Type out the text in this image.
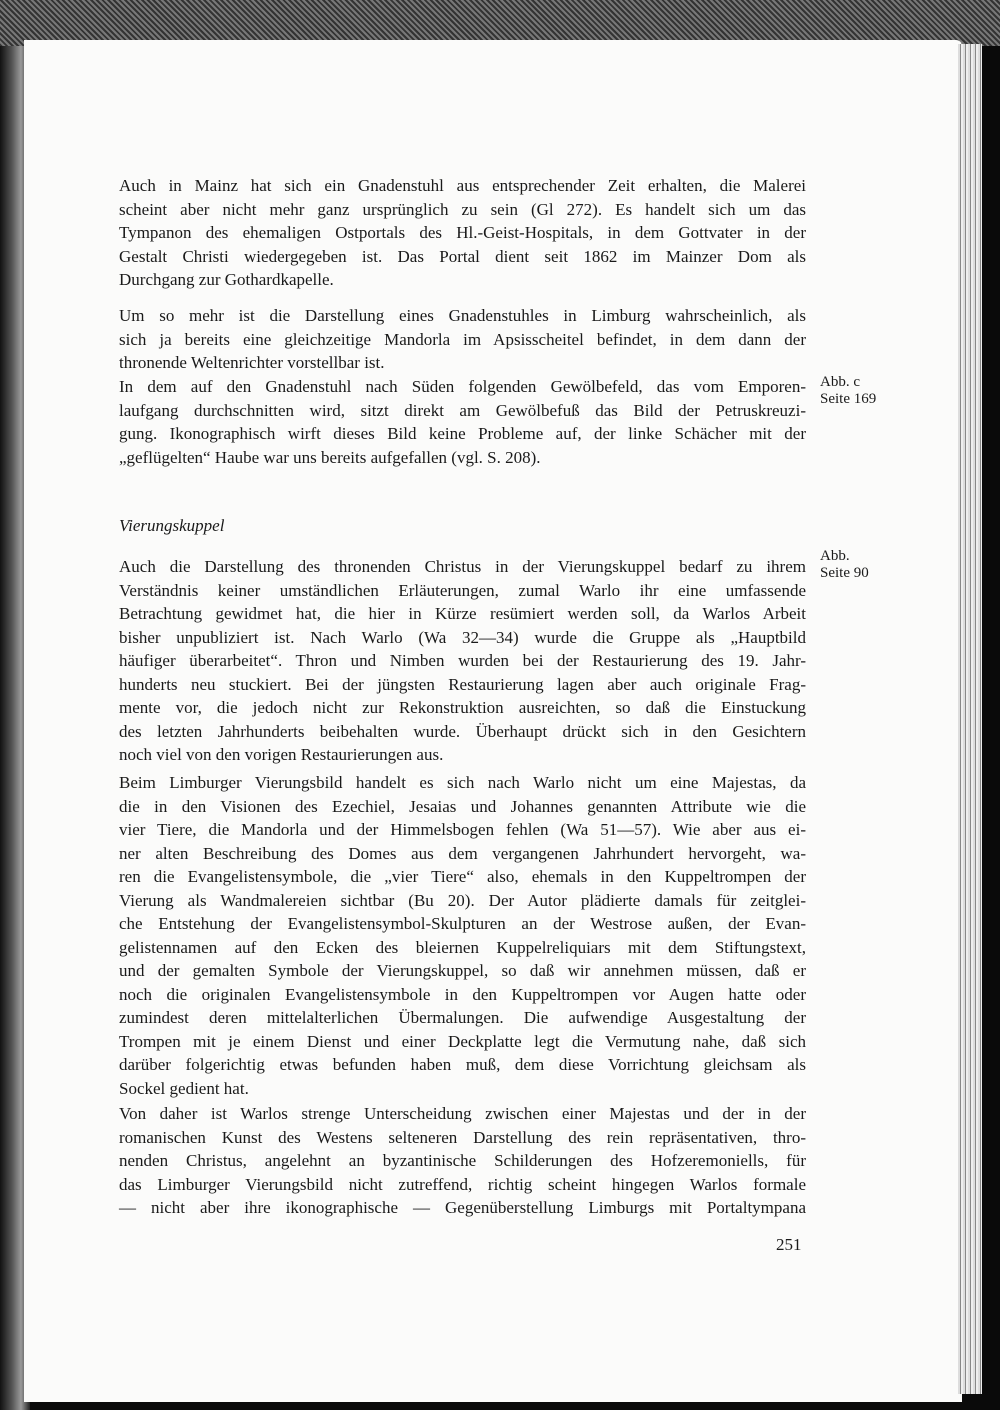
Auch in Mainz hat sich ein Gnadenstuhl aus entsprechender Zeit erhalten, die Malerei
scheint aber nicht mehr ganz ursprünglich zu sein (Gl 272). Es handelt sich um das
Tympanon des ehemaligen Ostportals des Hl.-Geist-Hospitals, in dem Gottvater in der
Gestalt Christi wiedergegeben ist. Das Portal dient seit 1862 im Mainzer Dom als
Durchgang zur Gothardkapelle.
Um so mehr ist die Darstellung eines Gnadenstuhles in Limburg wahrscheinlich, als
sich ja bereits eine gleichzeitige Mandorla im Apsisscheitel befindet, in dem dann der
thronende Weltenrichter vorstellbar ist.
In dem auf den Gnadenstuhl nach Süden folgenden Gewölbefeld, das vom Emporen-
laufgang durchschnitten wird, sitzt direkt am Gewölbefuß das Bild der Petruskreuzi-
gung. Ikonographisch wirft dieses Bild keine Probleme auf, der linke Schächer mit der
„geflügelten“ Haube war uns bereits aufgefallen (vgl. S. 208).
Vierungskuppel
Auch die Darstellung des thronenden Christus in der Vierungskuppel bedarf zu ihrem
Verständnis keiner umständlichen Erläuterungen, zumal Warlo ihr eine umfassende
Betrachtung gewidmet hat, die hier in Kürze resümiert werden soll, da Warlos Arbeit
bisher unpubliziert ist. Nach Warlo (Wa 32—34) wurde die Gruppe als „Hauptbild
häufiger überarbeitet“. Thron und Nimben wurden bei der Restaurierung des 19. Jahr-
hunderts neu stuckiert. Bei der jüngsten Restaurierung lagen aber auch originale Frag-
mente vor, die jedoch nicht zur Rekonstruktion ausreichten, so daß die Einstuckung
des letzten Jahrhunderts beibehalten wurde. Überhaupt drückt sich in den Gesichtern
noch viel von den vorigen Restaurierungen aus.
Beim Limburger Vierungsbild handelt es sich nach Warlo nicht um eine Majestas, da
die in den Visionen des Ezechiel, Jesaias und Johannes genannten Attribute wie die
vier Tiere, die Mandorla und der Himmelsbogen fehlen (Wa 51—57). Wie aber aus ei-
ner alten Beschreibung des Domes aus dem vergangenen Jahrhundert hervorgeht, wa-
ren die Evangelistensymbole, die „vier Tiere“ also, ehemals in den Kuppeltrompen der
Vierung als Wandmalereien sichtbar (Bu 20). Der Autor plädierte damals für zeitglei-
che Entstehung der Evangelistensymbol-Skulpturen an der Westrose außen, der Evan-
gelistennamen auf den Ecken des bleiernen Kuppelreliquiars mit dem Stiftungstext,
und der gemalten Symbole der Vierungskuppel, so daß wir annehmen müssen, daß er
noch die originalen Evangelistensymbole in den Kuppeltrompen vor Augen hatte oder
zumindest deren mittelalterlichen Übermalungen. Die aufwendige Ausgestaltung der
Trompen mit je einem Dienst und einer Deckplatte legt die Vermutung nahe, daß sich
darüber folgerichtig etwas befunden haben muß, dem diese Vorrichtung gleichsam als
Sockel gedient hat.
Von daher ist Warlos strenge Unterscheidung zwischen einer Majestas und der in der
romanischen Kunst des Westens selteneren Darstellung des rein repräsentativen, thro-
nenden Christus, angelehnt an byzantinische Schilderungen des Hofzeremoniells, für
das Limburger Vierungsbild nicht zutreffend, richtig scheint hingegen Warlos formale
— nicht aber ihre ikonographische — Gegenüberstellung Limburgs mit Portaltympana
Abb. c
Seite 169
Abb.
Seite 90
251
